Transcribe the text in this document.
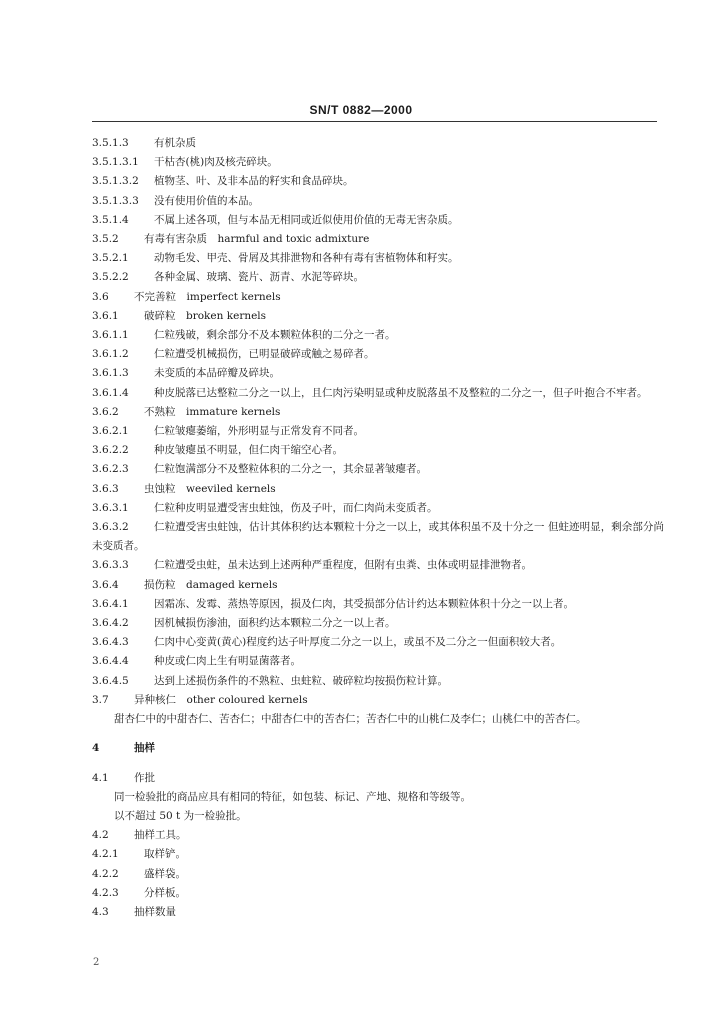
SN/T 0882—2000
3.5.1.3 有机杂质
3.5.1.3.1 干枯杏(桃)肉及核壳碎块。
3.5.1.3.2 植物茎、叶、及非本品的籽实和食品碎块。
3.5.1.3.3 没有使用价值的本品。
3.5.1.4 不属上述各项，但与本品无相同或近似使用价值的无毒无害杂质。
3.5.2 有毒有害杂质　harmful and toxic admixture
3.5.2.1 动物毛发、甲壳、骨屑及其排泄物和各种有毒有害植物体和籽实。
3.5.2.2 各种金属、玻璃、瓷片、沥青、水泥等碎块。
3.6 不完善粒　imperfect kernels
3.6.1 破碎粒　broken kernels
3.6.1.1 仁粒残破，剩余部分不及本颗粒体积的二分之一者。
3.6.1.2 仁粒遭受机械损伤，已明显破碎或触之易碎者。
3.6.1.3 未变质的本品碎瓣及碎块。
3.6.1.4 种皮脱落已达整粒二分之一以上，且仁肉污染明显或种皮脱落虽不及整粒的二分之一，但子叶抱合不牢者。
3.6.2 不熟粒　immature kernels
3.6.2.1 仁粒皱瘪萎缩，外形明显与正常发育不同者。
3.6.2.2 种皮皱瘪虽不明显，但仁肉干缩空心者。
3.6.2.3 仁粒饱满部分不及整粒体积的二分之一，其余显著皱瘪者。
3.6.3 虫蚀粒　weeviled kernels
3.6.3.1 仁粒种皮明显遭受害虫蛀蚀，伤及子叶，而仁肉尚未变质者。
3.6.3.2 仁粒遭受害虫蛀蚀，估计其体积约达本颗粒十分之一以上，或其体积虽不及十分之一 但蛀迹明显，剩余部分尚未变质者。
3.6.3.3 仁粒遭受虫蛀，虽未达到上述两种严重程度，但附有虫粪、虫体或明显排泄物者。
3.6.4 损伤粒　damaged kernels
3.6.4.1 因霜冻、发霉、蒸热等原因，损及仁肉，其受损部分估计约达本颗粒体积十分之一以上者。
3.6.4.2 因机械损伤渗油，面积约达本颗粒二分之一以上者。
3.6.4.3 仁肉中心变黄(黄心)程度约达子叶厚度二分之一以上，或虽不及二分之一但面积较大者。
3.6.4.4 种皮或仁肉上生有明显菌落者。
3.6.4.5 达到上述损伤条件的不熟粒、虫蛀粒、破碎粒均按损伤粒计算。
3.7 异种核仁　other coloured kernels
甜杏仁中的中甜杏仁、苦杏仁；中甜杏仁中的苦杏仁；苦杏仁中的山桃仁及李仁；山桃仁中的苦杏仁。
4	抽样
4.1 作批
同一检验批的商品应具有相同的特征，如包装、标记、产地、规格和等级等。
以不超过 50 t 为一检验批。
4.2 抽样工具。
4.2.1 取样铲。
4.2.2 盛样袋。
4.2.3 分样板。
4.3 抽样数量
2
